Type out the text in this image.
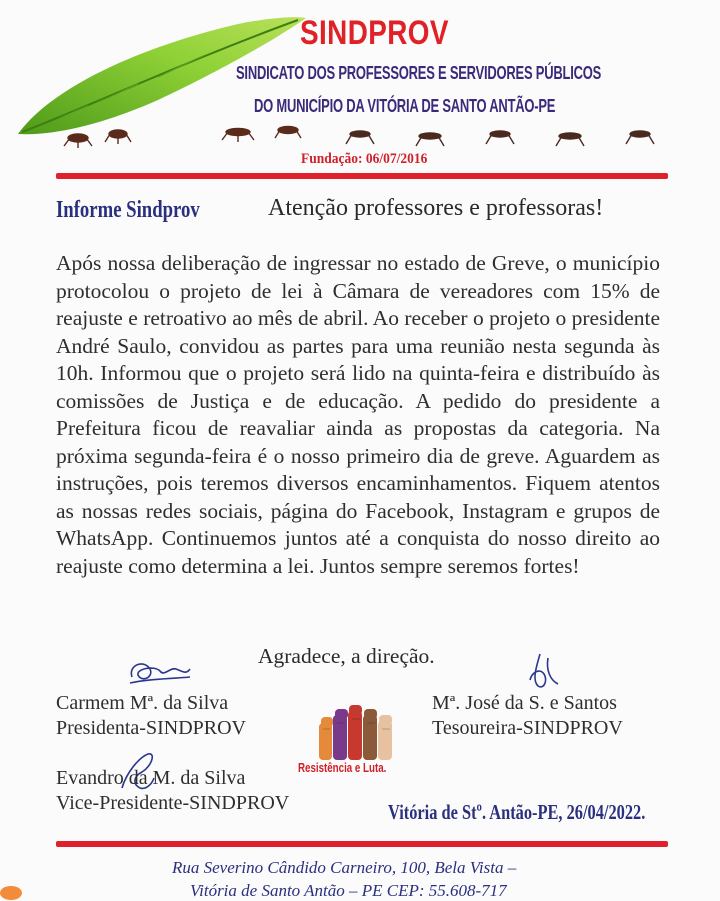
SINDPROV
SINDICATO DOS PROFESSORES E SERVIDORES PÚBLICOS
DO MUNICÍPIO DA VITÓRIA DE SANTO ANTÃO-PE
Fundação: 06/07/2016
Informe Sindprov	Atenção professores e professoras!

Após nossa deliberação de ingressar no estado de Greve, o município protocolou o projeto de lei à Câmara de vereadores com 15% de reajuste e retroativo ao mês de abril. Ao receber o projeto o presidente André Saulo, convidou as partes para uma reunião nesta segunda às 10h. Informou que o projeto será lido na quinta-feira e distribuído às comissões de Justiça e de educação. A pedido do presidente a Prefeitura ficou de reavaliar ainda as propostas da categoria. Na próxima segunda-feira é o nosso primeiro dia de greve. Aguardem as instruções, pois teremos diversos encaminhamentos. Fiquem atentos as nossas redes sociais, página do Facebook, Instagram e grupos de WhatsApp. Continuemos juntos até a conquista do nosso direito ao reajuste como determina a lei. Juntos sempre seremos fortes!

Agradece, a direção.
Carmem Mª. da Silva
Presidenta-SINDPROV
Mª. José da S. e Santos
Tesoureira-SINDPROV
Evandro da M. da Silva
Vice-Presidente-SINDPROV
Resistência e Luta.
Vitória de Stº. Antão-PE, 26/04/2022.
Rua Severino Cândido Carneiro, 100, Bela Vista –
Vitória de Santo Antão – PE CEP: 55.608-717
